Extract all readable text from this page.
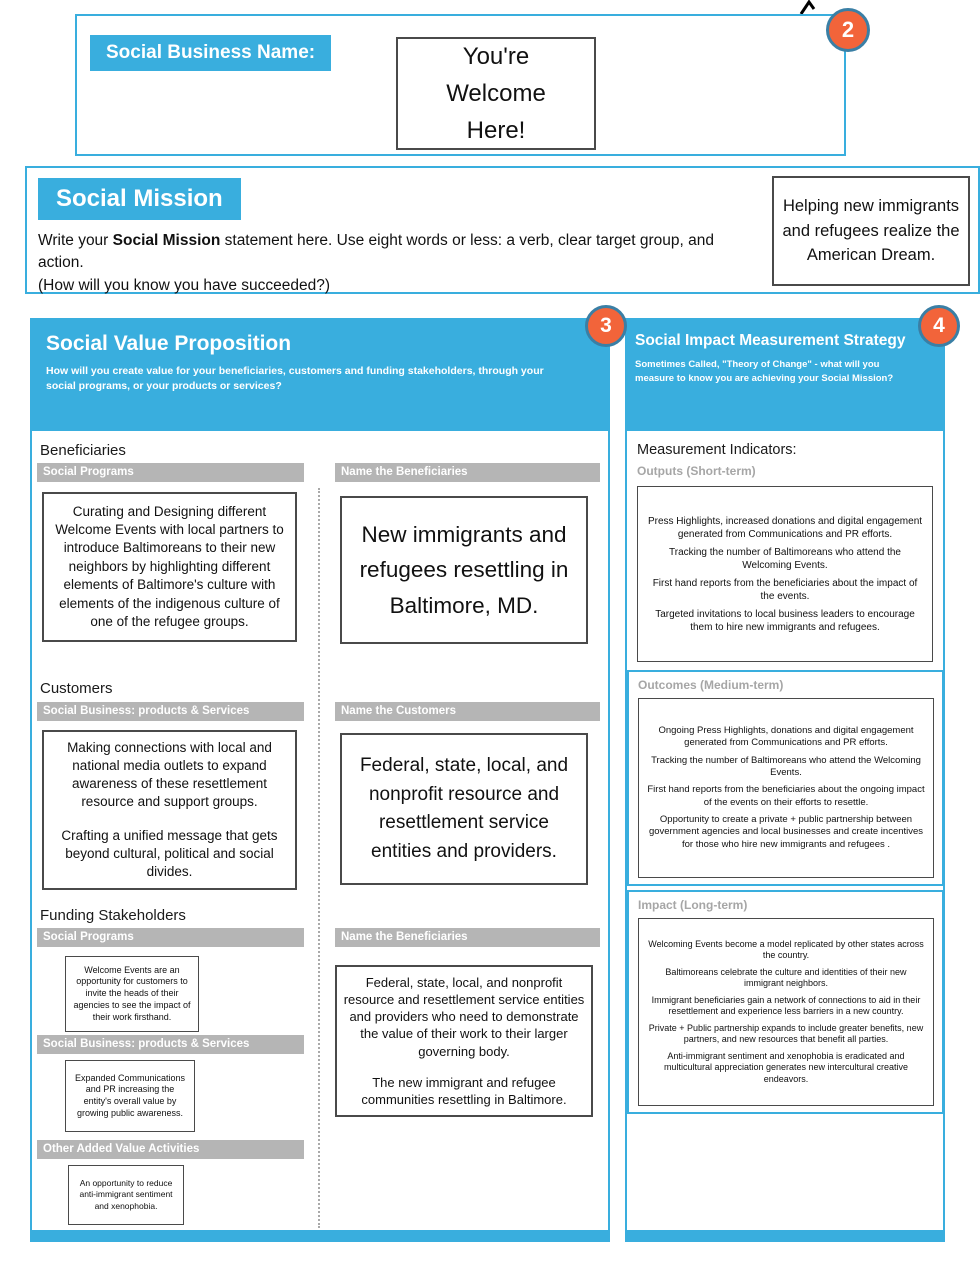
Social Business Name:	You're Welcome Here!
2
Social Mission
Write your Social Mission statement here. Use eight words or less: a verb, clear target group, and action.
(How will you know you have succeeded?)
Helping new immigrants and refugees realize the American Dream.
Social Value Proposition
How will you create value for your beneficiaries, customers and funding stakeholders, through your social programs, or your products or services?
Beneficiaries
Social Programs	Name the Beneficiaries
Curating and Designing different Welcome Events with local partners to introduce Baltimoreans to their new neighbors by highlighting different elements of Baltimore's culture with elements of the indigenous culture of one of the refugee groups.
New immigrants and refugees resettling in Baltimore, MD.
Customers
Social Business: products & Services	Name the Customers
Making connections with local and national media outlets to expand awareness of these resettlement resource and support groups.
Crafting a unified message that gets beyond cultural, political and social divides.
Federal, state, local, and nonprofit resource and resettlement service entities and providers.
Funding Stakeholders
Social Programs	Name the Beneficiaries
Welcome Events are an opportunity for customers to invite the heads of their agencies to see the impact of their work firsthand.
Social Business: products & Services
Expanded Communications and PR increasing the entity's overall value by growing public awareness.
Other Added Value Activities
An opportunity to reduce anti-immigrant sentiment and xenophobia.
Federal, state, local, and nonprofit resource and resettlement service entities and providers who need to demonstrate the value of their work to their larger governing body.
The new immigrant and refugee communities resettling in Baltimore.
3
Social Impact Measurement Strategy
Sometimes Called, "Theory of Change" - what will you measure to know you are achieving your Social Mission?
Measurement Indicators:
Outputs (Short-term)

Press Highlights, increased donations and digital engagement generated from Communications and PR efforts.

Tracking the number of Baltimoreans who attend the Welcoming Events.

First hand reports from the beneficiaries about the impact of the events.

Targeted invitations to local business leaders to encourage them to hire new immigrants and refugees.

Outcomes (Medium-term)

Ongoing Press Highlights, donations and digital engagement generated from Communications and PR efforts.

Tracking the number of Baltimoreans who attend the Welcoming Events.

First hand reports from the beneficiaries about the ongoing impact of the events on their efforts to resettle.

Opportunity to create a private + public partnership between government agencies and local businesses and create incentives for those who hire new immigrants and refugees .

Impact (Long-term)

Welcoming Events become a model replicated by other states across the country.

Baltimoreans celebrate the culture and identities of their new immigrant neighbors.

Immigrant beneficiaries gain a network of connections to aid in their resettlement and experience less barriers in a new country.

Private + Public partnership expands to include greater benefits, new partners, and new resources that benefit all parties.

Anti-immigrant sentiment and xenophobia is eradicated and multicultural appreciation generates new intercultural creative endeavors.

4
